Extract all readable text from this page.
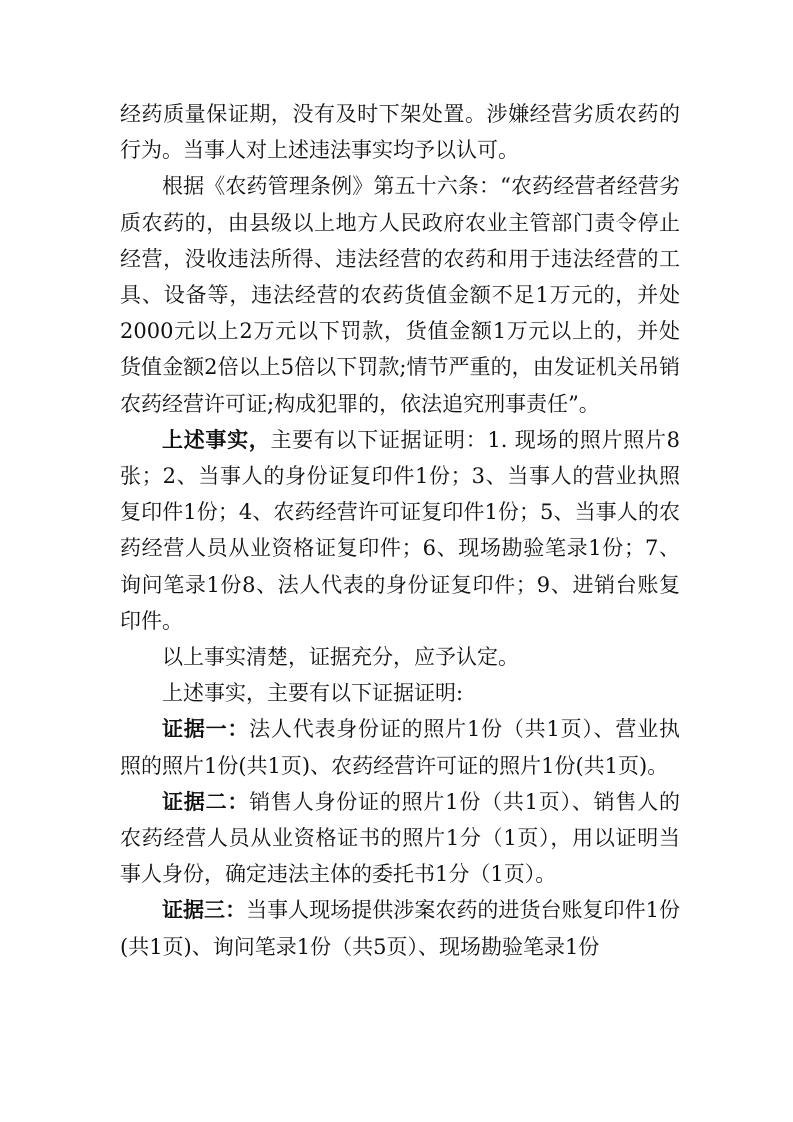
经药质量保证期，没有及时下架处置。涉嫌经营劣质农药的行为。当事人对上述违法事实均予以认可。

根据《农药管理条例》第五十六条：“农药经营者经营劣质农药的，由县级以上地方人民政府农业主管部门责令停止经营，没收违法所得、违法经营的农药和用于违法经营的工具、设备等，违法经营的农药货值金额不足1万元的，并处2000元以上2万元以下罚款，货值金额1万元以上的，并处货值金额2倍以上5倍以下罚款;情节严重的，由发证机关吊销农药经营许可证;构成犯罪的，依法追究刑事责任”。

上述事实，主要有以下证据证明：1. 现场的照片照片8张；2、当事人的身份证复印件1份；3、当事人的营业执照复印件1份；4、农药经营许可证复印件1份；5、当事人的农药经营人员从业资格证复印件；6、现场勘验笔录1份；7、询问笔录1份8、法人代表的身份证复印件；9、进销台账复印件。

以上事实清楚，证据充分，应予认定。

上述事实，主要有以下证据证明:

证据一：法人代表身份证的照片1份（共1页）、营业执照的照片1份(共1页)、农药经营许可证的照片1份(共1页)。

证据二：销售人身份证的照片1份（共1页）、销售人的农药经营人员从业资格证书的照片1分（1页），用以证明当事人身份，确定违法主体的委托书1分（1页）。

证据三：当事人现场提供涉案农药的进货台账复印件1份(共1页)、询问笔录1份（共5页）、现场勘验笔录1份
